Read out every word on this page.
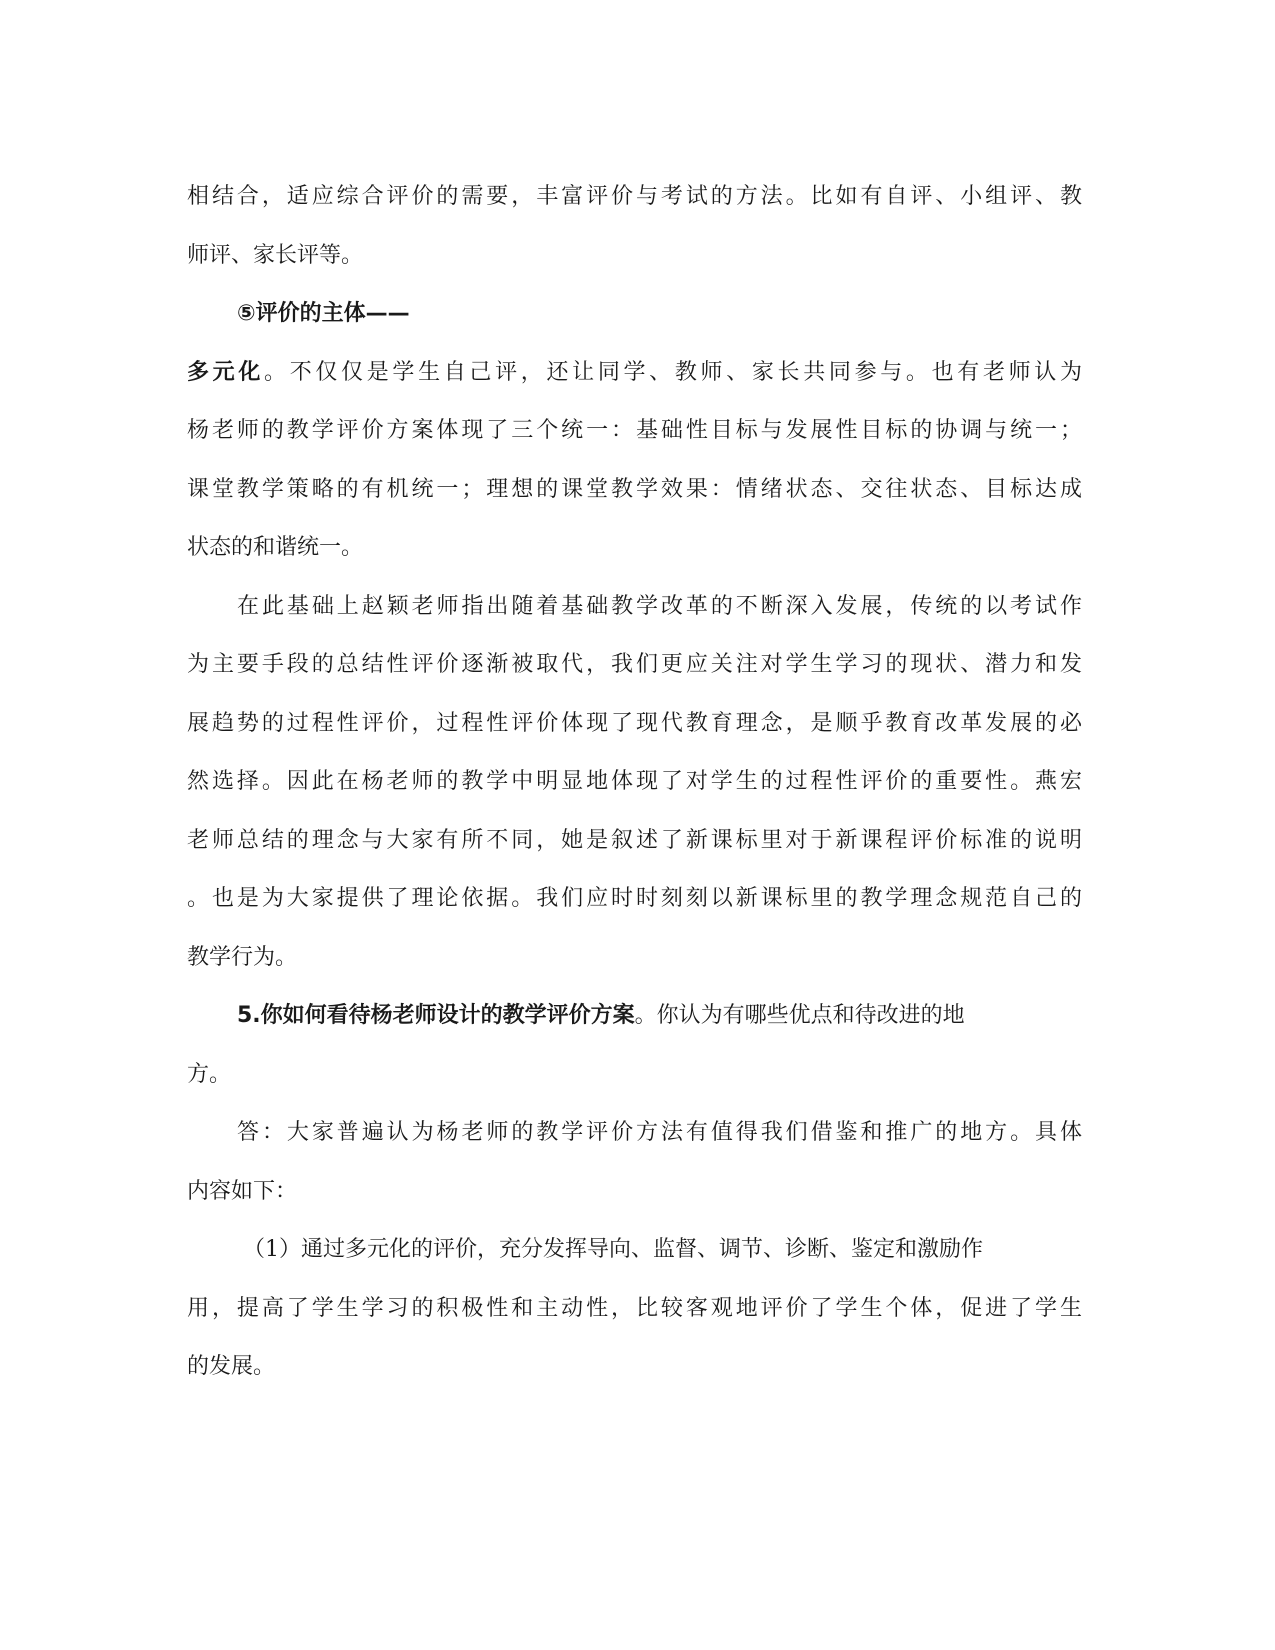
相结合，适应综合评价的需要，丰富评价与考试的方法。比如有自评、小组评、教
师评、家长评等。
⑤评价的主体——
多元化。不仅仅是学生自己评，还让同学、教师、家长共同参与。也有老师认为
杨老师的教学评价方案体现了三个统一：基础性目标与发展性目标的协调与统一；
课堂教学策略的有机统一；理想的课堂教学效果：情绪状态、交往状态、目标达成
状态的和谐统一。
在此基础上赵颖老师指出随着基础教学改革的不断深入发展，传统的以考试作
为主要手段的总结性评价逐渐被取代，我们更应关注对学生学习的现状、潜力和发
展趋势的过程性评价，过程性评价体现了现代教育理念，是顺乎教育改革发展的必
然选择。因此在杨老师的教学中明显地体现了对学生的过程性评价的重要性。燕宏
老师总结的理念与大家有所不同，她是叙述了新课标里对于新课程评价标准的说明
。也是为大家提供了理论依据。我们应时时刻刻以新课标里的教学理念规范自己的
教学行为。
5.你如何看待杨老师设计的教学评价方案。你认为有哪些优点和待改进的地
方。
答：大家普遍认为杨老师的教学评价方法有值得我们借鉴和推广的地方。具体
内容如下：
（1）通过多元化的评价，充分发挥导向、监督、调节、诊断、鉴定和激励作
用，提高了学生学习的积极性和主动性，比较客观地评价了学生个体，促进了学生
的发展。
